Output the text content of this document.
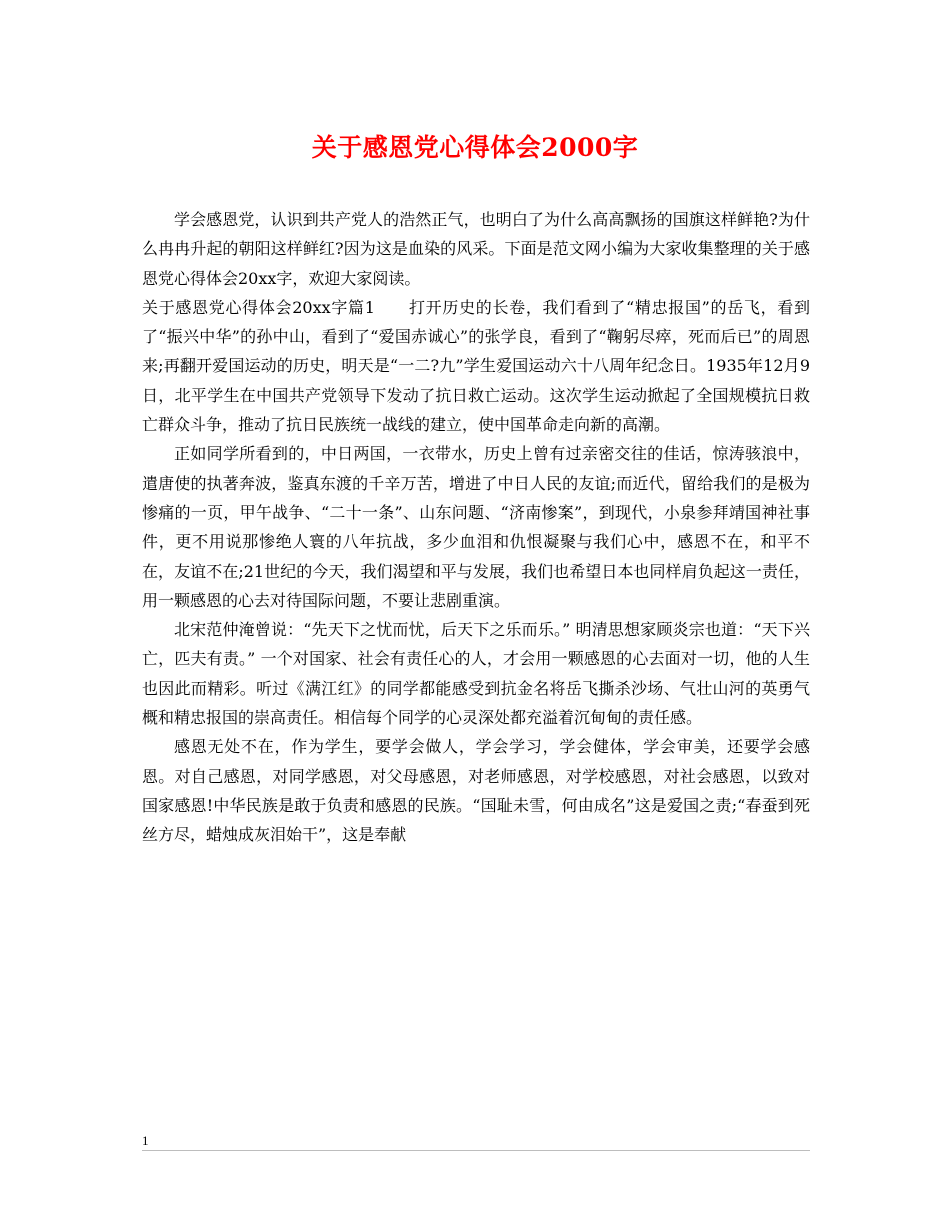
关于感恩党心得体会2000字

学会感恩党，认识到共产党人的浩然正气，也明白了为什么高高飘扬的国旗这样鲜艳?为什么冉冉升起的朝阳这样鲜红?因为这是血染的风采。下面是范文网小编为大家收集整理的关于感恩党心得体会20xx字，欢迎大家阅读。

关于感恩党心得体会20xx字篇1　　打开历史的长卷，我们看到了“精忠报国”的岳飞，看到了“振兴中华”的孙中山，看到了“爱国赤诚心”的张学良，看到了“鞠躬尽瘁，死而后已”的周恩来;再翻开爱国运动的历史，明天是“一二?九”学生爱国运动六十八周年纪念日。1935年12月9日，北平学生在中国共产党领导下发动了抗日救亡运动。这次学生运动掀起了全国规模抗日救亡群众斗争，推动了抗日民族统一战线的建立，使中国革命走向新的高潮。

正如同学所看到的，中日两国，一衣带水，历史上曾有过亲密交往的佳话，惊涛骇浪中，遣唐使的执著奔波，鉴真东渡的千辛万苦，增进了中日人民的友谊;而近代，留给我们的是极为惨痛的一页，甲午战争、“二十一条”、山东问题、“济南惨案”，到现代，小泉参拜靖国神社事件，更不用说那惨绝人寰的八年抗战，多少血泪和仇恨凝聚与我们心中，感恩不在，和平不在，友谊不在;21世纪的今天，我们渴望和平与发展，我们也希望日本也同样肩负起这一责任，用一颗感恩的心去对待国际问题，不要让悲剧重演。

北宋范仲淹曾说：“先天下之忧而忧，后天下之乐而乐。” 明清思想家顾炎宗也道：“天下兴亡，匹夫有责。” 一个对国家、社会有责任心的人，才会用一颗感恩的心去面对一切，他的人生也因此而精彩。听过《满江红》的同学都能感受到抗金名将岳飞撕杀沙场、气壮山河的英勇气概和精忠报国的崇高责任。相信每个同学的心灵深处都充溢着沉甸甸的责任感。

感恩无处不在，作为学生，要学会做人，学会学习，学会健体，学会审美，还要学会感恩。对自己感恩，对同学感恩，对父母感恩，对老师感恩，对学校感恩，对社会感恩，以致对国家感恩!中华民族是敢于负责和感恩的民族。“国耻未雪，何由成名”这是爱国之责;“春蚕到死丝方尽，蜡烛成灰泪始干”，这是奉献

1
